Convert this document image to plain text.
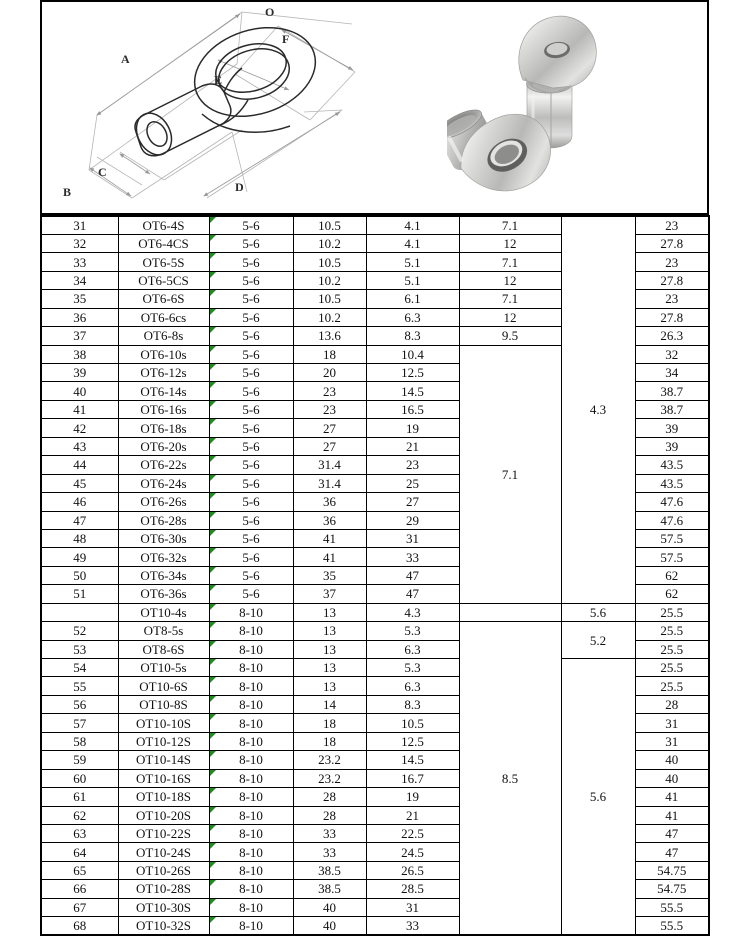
A
B
C
D
E
F
O
31	OT6-4S	5-6	10.5	4.1	7.1	4.3	23
32	OT6-4CS	5-6	10.2	4.1	12		27.8
33	OT6-5S	5-6	10.5	5.1	7.1		23
34	OT6-5CS	5-6	10.2	5.1	12		27.8
35	OT6-6S	5-6	10.5	6.1	7.1		23
36	OT6-6cs	5-6	10.2	6.3	12		27.8
37	OT6-8s	5-6	13.6	8.3	9.5		26.3
38	OT6-10s	5-6	18	10.4	7.1		32
39	OT6-12s	5-6	20	12.5			34
40	OT6-14s	5-6	23	14.5			38.7
41	OT6-16s	5-6	23	16.5			38.7
42	OT6-18s	5-6	27	19			39
43	OT6-20s	5-6	27	21			39
44	OT6-22s	5-6	31.4	23			43.5
45	OT6-24s	5-6	31.4	25			43.5
46	OT6-26s	5-6	36	27			47.6
47	OT6-28s	5-6	36	29			47.6
48	OT6-30s	5-6	41	31			57.5
49	OT6-32s	5-6	41	33			57.5
50	OT6-34s	5-6	35	47			62
51	OT6-36s	5-6	37	47			62
	OT10-4s	8-10	13	4.3		5.6	25.5
52	OT8-5s	8-10	13	5.3	8.5	5.2	25.5
53	OT8-6S	8-10	13	6.3			25.5
54	OT10-5s	8-10	13	5.3		5.6	25.5
55	OT10-6S	8-10	13	6.3			25.5
56	OT10-8S	8-10	14	8.3			28
57	OT10-10S	8-10	18	10.5			31
58	OT10-12S	8-10	18	12.5			31
59	OT10-14S	8-10	23.2	14.5			40
60	OT10-16S	8-10	23.2	16.7			40
61	OT10-18S	8-10	28	19			41
62	OT10-20S	8-10	28	21			41
63	OT10-22S	8-10	33	22.5			47
64	OT10-24S	8-10	33	24.5			47
65	OT10-26S	8-10	38.5	26.5			54.75
66	OT10-28S	8-10	38.5	28.5			54.75
67	OT10-30S	8-10	40	31			55.5
68	OT10-32S	8-10	40	33			55.5
